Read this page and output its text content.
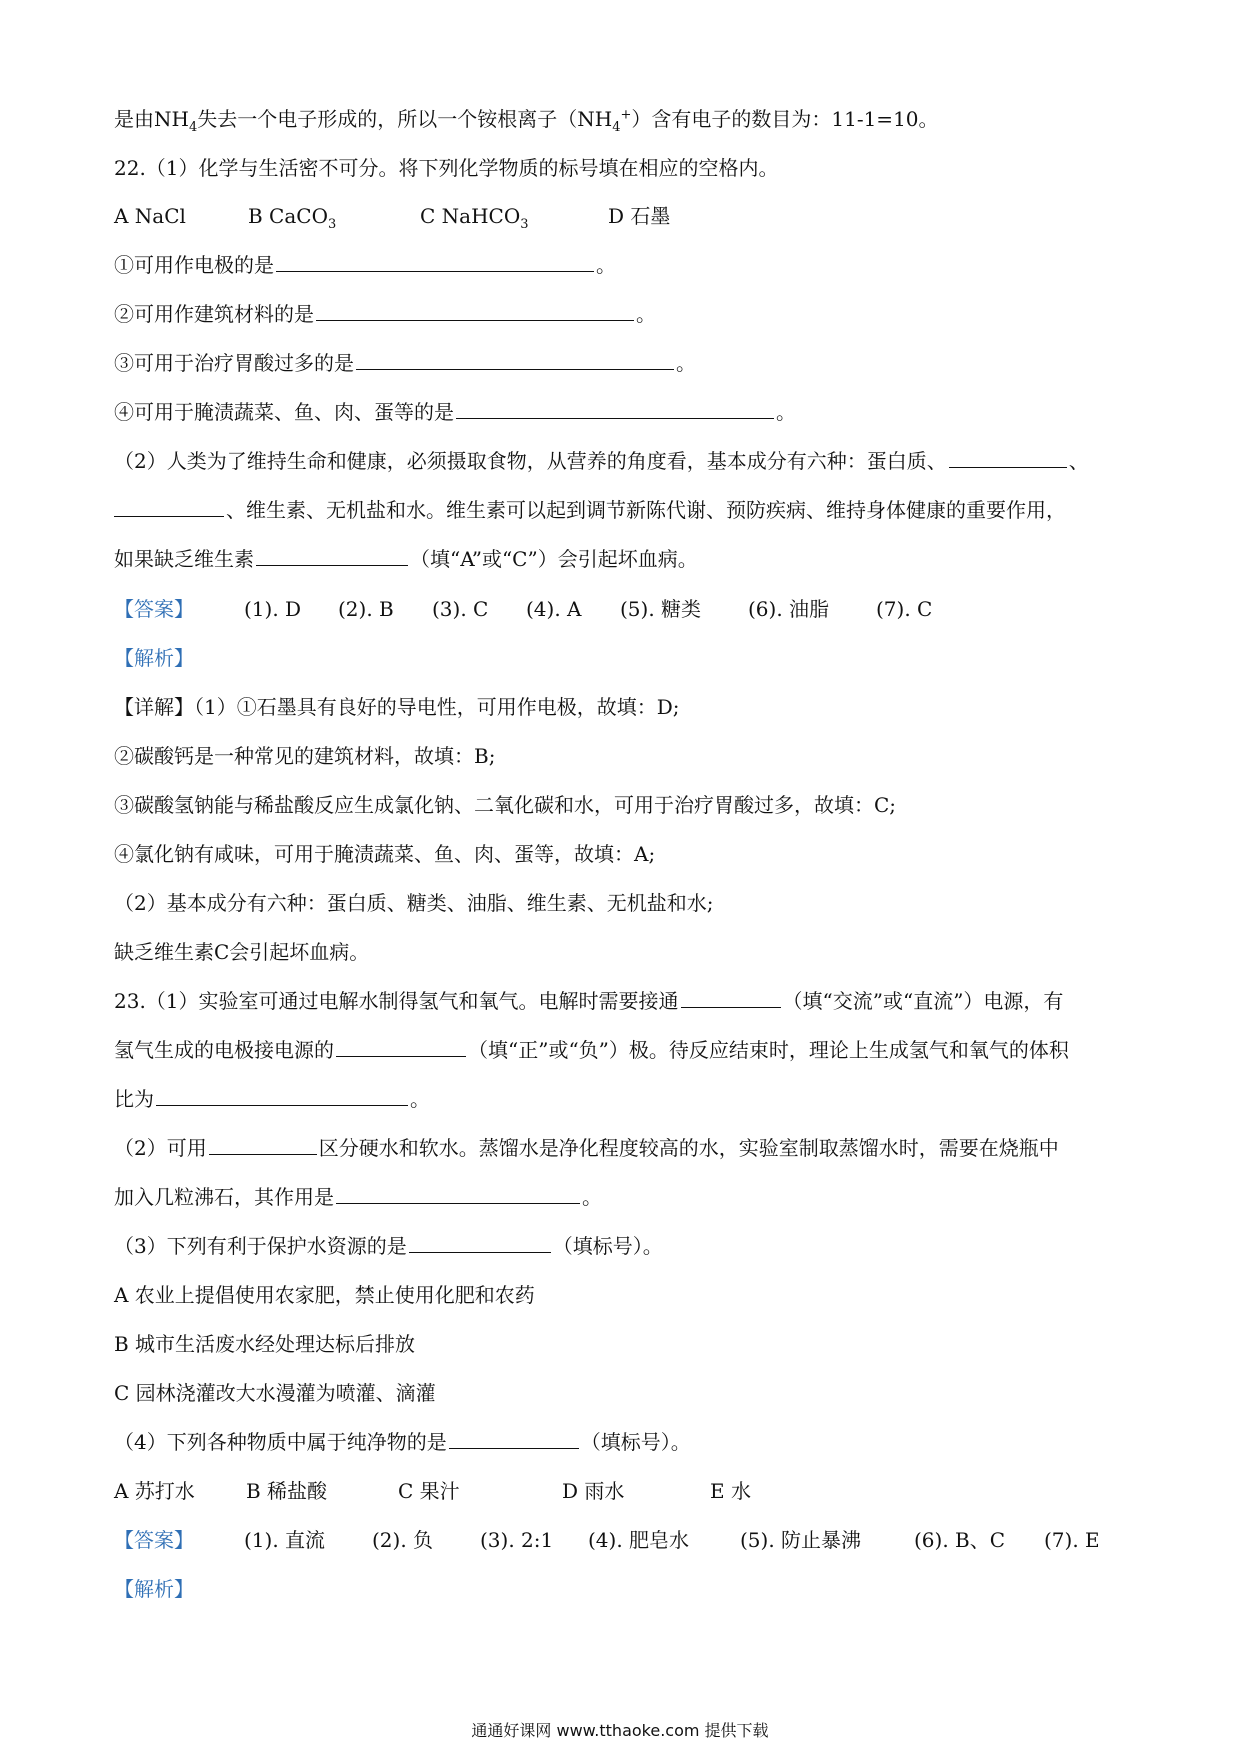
是由$NH_4$失去一个电子形成的，所以一个铵根离子$(NH_4^+)$含有电子的数目为：11-1=10。
22.（1）化学与生活密不可分。将下列化学物质的标号填在相应的空格内。
A NaCl	B CaCO$_3$	C NaHCO$_3$	D 石墨
①可用作电极的是	。
②可用作建筑材料的是	。
③可用于治疗胃酸过多的是	。
④可用于腌渍蔬菜、鱼、肉、蛋等的是	。
（2）人类为了维持生命和健康，必须摄取食物，从营养的角度看，基本成分有六种：蛋白质、	、
、维生素、无机盐和水。维生素可以起到调节新陈代谢、预防疾病、维持身体健康的重要作用，
如果缺乏维生素	（填“A”或“C”）会引起坏血病。
【答案】	(1). D (2). B (3). C (4). A (5). 糖类 (6). 油脂 (7). C
【解析】
【详解】（1）①石墨具有良好的导电性，可用作电极，故填：D;
②碳酸钙是一种常见的建筑材料，故填：B;
③碳酸氢钠能与稀盐酸反应生成氯化钠、二氧化碳和水，可用于治疗胃酸过多，故填：C;
④氯化钠有咸味，可用于腌渍蔬菜、鱼、肉、蛋等，故填：A;
（2）基本成分有六种：蛋白质、糖类、油脂、维生素、无机盐和水;
缺乏维生素C会引起坏血病。
23.（1）实验室可通过电解水制得氢气和氧气。电解时需要接通	（填“交流”或“直流”）电源，有
氢气生成的电极接电源的	（填“正”或“负”）极。待反应结束时，理论上生成氢气和氧气的体积
比为	。
（2）可用	区分硬水和软水。蒸馏水是净化程度较高的水，实验室制取蒸馏水时，需要在烧瓶中
加入几粒沸石，其作用是	。
（3）下列有利于保护水资源的是	（填标号）。
A 农业上提倡使用农家肥，禁止使用化肥和农药
B 城市生活废水经处理达标后排放
C 园林浇灌改大水漫灌为喷灌、滴灌
（4）下列各种物质中属于纯净物的是	（填标号）。
A 苏打水	B 稀盐酸	C 果汁	D 雨水	E 水
【答案】	(1). 直流 (2). 负 (3). 2:1 (4). 肥皂水	(5). 防止暴沸	(6). B、C (7). E
【解析】
通通好课网 www.tthaoke.com 提供下载
